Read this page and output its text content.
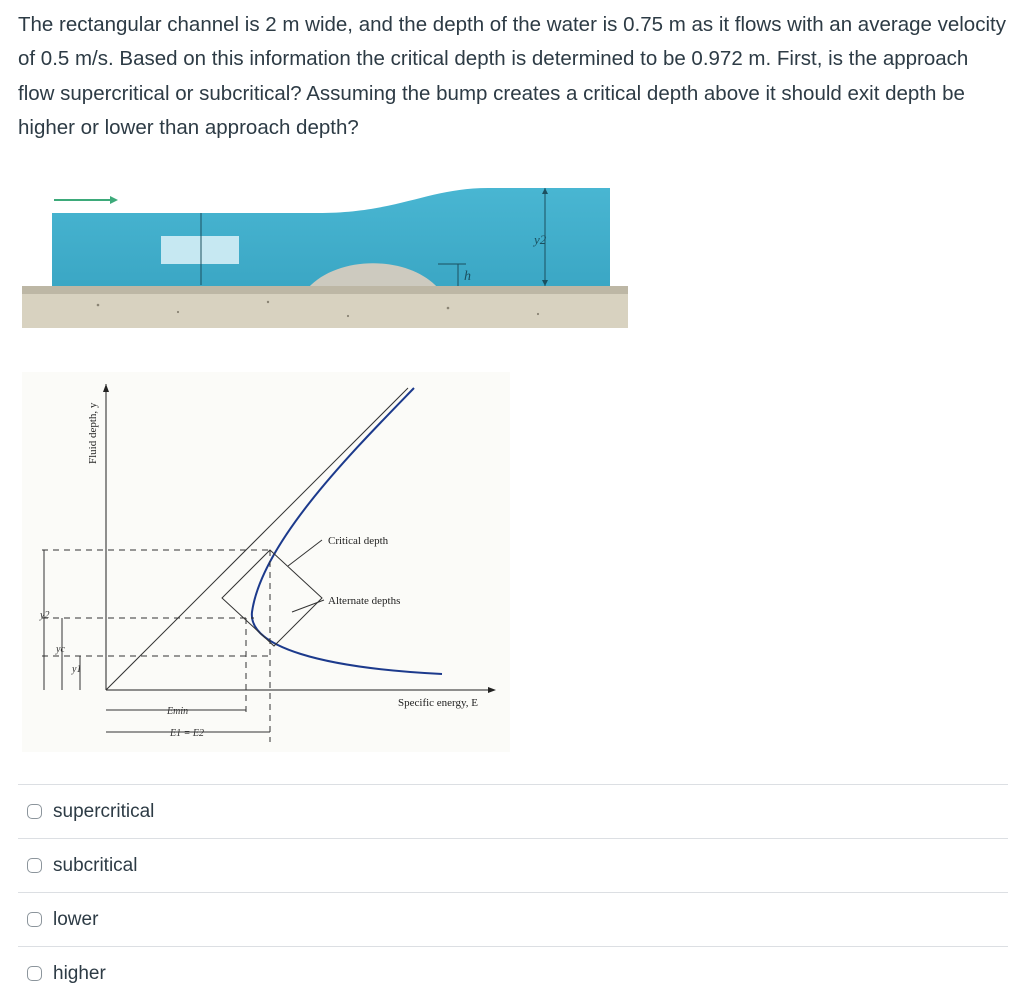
The rectangular channel is 2 m wide, and the depth of the water is 0.75 m as it flows with an average velocity of 0.5 m/s. Based on this information the critical depth is determined to be 0.972 m. First, is the approach flow supercritical or subcritical? Assuming the bump creates a critical depth above it should exit depth be higher or lower than approach depth?

h
y2
Fluid depth, y
Specific energy, E
y2
yc
y1
Critical depth
Alternate depths
Emin
E1 = E2
supercritical
subcritical
lower
higher
